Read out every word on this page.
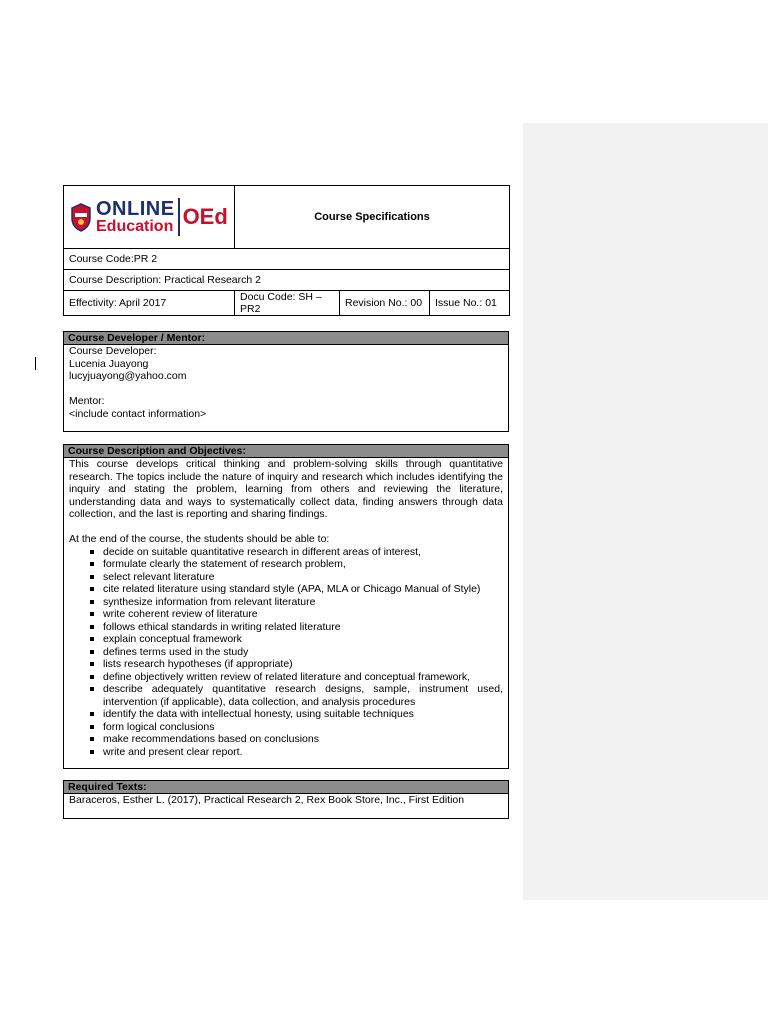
ONLINE
Education OEd	Course Specifications		
Course Code:PR 2			
Course Description: Practical Research 2			
Effectivity: April 2017	Docu Code: SH – PR2	Revision No.: 00	Issue No.: 01
Course Developer / Mentor:
Course Developer:
Lucenia Juayong
lucyjuayong@yahoo.com
Mentor:
<include contact information>
Course Description and Objectives:
This course develops critical thinking and problem-solving skills through quantitative research. The topics include the nature of inquiry and research which includes identifying the inquiry and stating the problem, learning from others and reviewing the literature, understanding data and ways to systematically collect data, finding answers through data collection, and the last is reporting and sharing findings.
At the end of the course, the students should be able to:
decide on suitable quantitative research in different areas of interest,
formulate clearly the statement of research problem,
select relevant literature
cite related literature using standard style (APA, MLA or Chicago Manual of Style)
synthesize information from relevant literature
write coherent review of literature
follows ethical standards in writing related literature
explain conceptual framework
defines terms used in the study
lists research hypotheses (if appropriate)
define objectively written review of related literature and conceptual framework,
describe adequately quantitative research designs, sample, instrument used, intervention (if applicable), data collection, and analysis procedures
identify the data with intellectual honesty, using suitable techniques
form logical conclusions
make recommendations based on conclusions
write and present clear report.
Required Texts:
Baraceros, Esther L. (2017), Practical Research 2, Rex Book Store, Inc., First Edition
